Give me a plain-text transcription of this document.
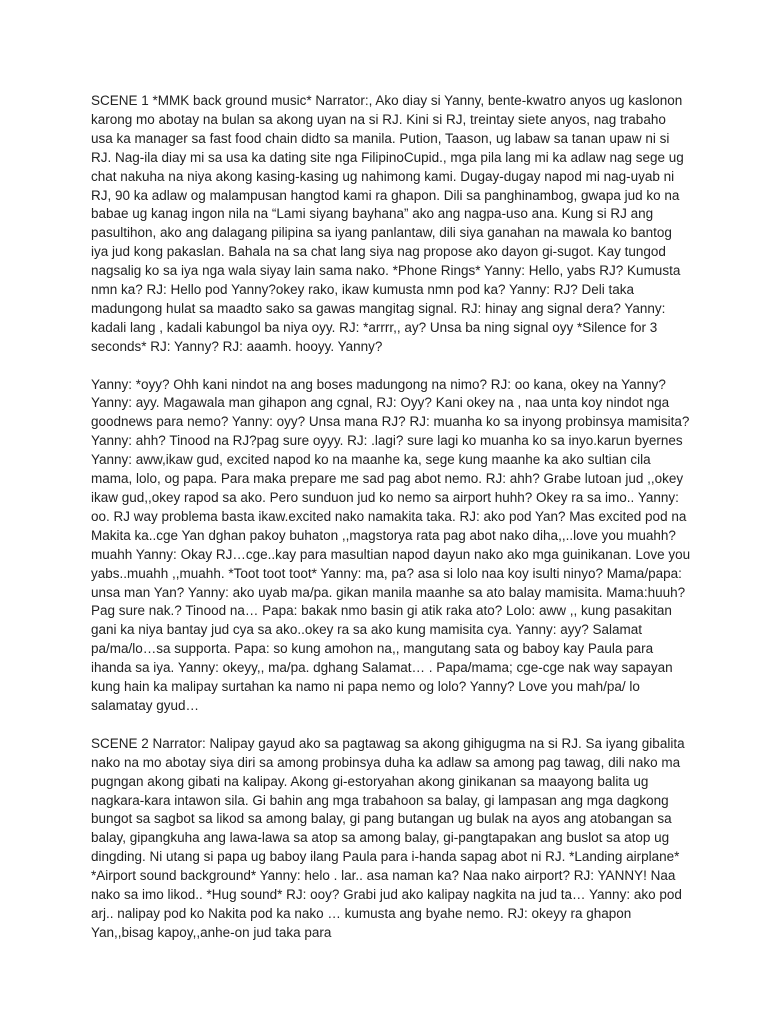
SCENE 1 *MMK back ground music* Narrator:, Ako diay si Yanny, bente-kwatro anyos ug kaslonon karong mo abotay na bulan sa akong uyan na si RJ. Kini si RJ, treintay siete anyos, nag trabaho usa ka manager sa fast food chain didto sa manila. Pution, Taason, ug labaw sa tanan upaw ni si RJ. Nag-ila diay mi sa usa ka dating site nga FilipinoCupid., mga pila lang mi ka adlaw nag sege ug chat nakuha na niya akong kasing-kasing ug nahimong kami. Dugay-dugay napod mi nag-uyab ni RJ, 90 ka adlaw og malampusan hangtod kami ra ghapon. Dili sa panghinambog, gwapa jud ko na babae ug kanag ingon nila na “Lami siyang bayhana” ako ang nagpa-uso ana. Kung si RJ ang pasultihon, ako ang dalagang pilipina sa iyang panlantaw, dili siya ganahan na mawala ko bantog iya jud kong pakaslan. Bahala na sa chat lang siya nag propose ako dayon gi-sugot. Kay tungod nagsalig ko sa iya nga wala siyay lain sama nako. *Phone Rings* Yanny: Hello, yabs RJ? Kumusta nmn ka? RJ: Hello pod Yanny?okey rako, ikaw kumusta nmn pod ka? Yanny: RJ? Deli taka madungong hulat sa maadto sako sa gawas mangitag signal. RJ: hinay ang signal dera? Yanny: kadali lang , kadali kabungol ba niya oyy. RJ: *arrrr,, ay? Unsa ba ning signal oyy *Silence for 3 seconds* RJ: Yanny? RJ: aaamh. hooyy. Yanny?

Yanny: *oyy? Ohh kani nindot na ang boses madungong na nimo? RJ: oo kana, okey na Yanny? Yanny: ayy. Magawala man gihapon ang cgnal, RJ: Oyy? Kani okey na , naa unta koy nindot nga goodnews para nemo? Yanny: oyy? Unsa mana RJ? RJ: muanha ko sa inyong probinsya mamisita? Yanny: ahh? Tinood na RJ?pag sure oyyy. RJ: .lagi? sure lagi ko muanha ko sa inyo.karun byernes Yanny: aww,ikaw gud, excited napod ko na maanhe ka, sege kung maanhe ka ako sultian cila mama, lolo, og papa. Para maka prepare me sad pag abot nemo. RJ: ahh? Grabe lutoan jud ,,okey ikaw gud,,okey rapod sa ako. Pero sunduon jud ko nemo sa airport huhh? Okey ra sa imo.. Yanny: oo. RJ way problema basta ikaw.excited nako namakita taka. RJ: ako pod Yan? Mas excited pod na Makita ka..cge Yan dghan pakoy buhaton ,,magstorya rata pag abot nako diha,,..love you muahh?muahh Yanny: Okay RJ…cge..kay para masultian napod dayun nako ako mga guinikanan. Love you yabs..muahh ,,muahh. *Toot toot toot* Yanny: ma, pa? asa si lolo naa koy isulti ninyo? Mama/papa: unsa man Yan? Yanny: ako uyab ma/pa. gikan manila maanhe sa ato balay mamisita. Mama:huuh? Pag sure nak.? Tinood na… Papa: bakak nmo basin gi atik raka ato? Lolo: aww ,, kung pasakitan gani ka niya bantay jud cya sa ako..okey ra sa ako kung mamisita cya. Yanny: ayy? Salamat pa/ma/lo…sa supporta. Papa: so kung amohon na,, mangutang sata og baboy kay Paula para ihanda sa iya. Yanny: okeyy,, ma/pa. dghang Salamat… . Papa/mama; cge-cge nak way sapayan kung hain ka malipay surtahan ka namo ni papa nemo og lolo? Yanny? Love you mah/pa/ lo salamatay gyud…

SCENE 2 Narrator: Nalipay gayud ako sa pagtawag sa akong gihigugma na si RJ. Sa iyang gibalita nako na mo abotay siya diri sa among probinsya duha ka adlaw sa among pag tawag, dili nako ma pugngan akong gibati na kalipay. Akong gi-estoryahan akong ginikanan sa maayong balita ug nagkara-kara intawon sila. Gi bahin ang mga trabahoon sa balay, gi lampasan ang mga dagkong bungot sa sagbot sa likod sa among balay, gi pang butangan ug bulak na ayos ang atobangan sa balay, gipangkuha ang lawa-lawa sa atop sa among balay, gi-pangtapakan ang buslot sa atop ug dingding. Ni utang si papa ug baboy ilang Paula para i-handa sapag abot ni RJ. *Landing airplane* *Airport sound background* Yanny: helo . lar.. asa naman ka? Naa nako airport? RJ: YANNY! Naa nako sa imo likod.. *Hug sound* RJ: ooy? Grabi jud ako kalipay nagkita na jud ta… Yanny: ako pod arj.. nalipay pod ko Nakita pod ka nako … kumusta ang byahe nemo. RJ: okeyy ra ghapon Yan,,bisag kapoy,,anhe-on jud taka para
